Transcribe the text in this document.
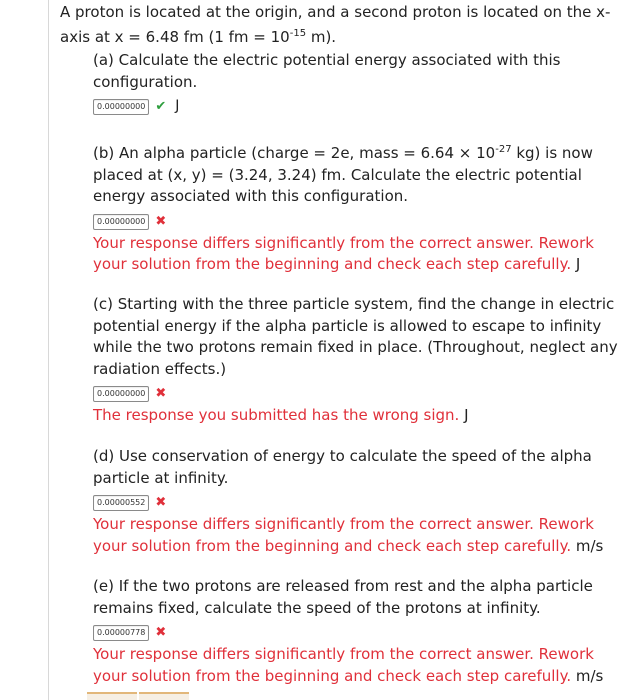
A proton is located at the origin, and a second proton is located on the x-
axis at x = 6.48 fm (1 fm = $10^{-15}$ m).

(a) Calculate the electric potential energy associated with this configuration.

0.00000000 ✔ J

(b) An alpha particle (charge = 2e, mass = $6.64 \times 10^{-27}$ kg) is now placed at (x, y) = (3.24, 3.24) fm. Calculate the electric potential energy associated with this configuration.

0.00000000 ✖

Your response differs significantly from the correct answer. Rework your solution from the beginning and check each step carefully. J

(c) Starting with the three particle system, find the change in electric potential energy if the alpha particle is allowed to escape to infinity while the two protons remain fixed in place. (Throughout, neglect any radiation effects.)

0.00000000 ✖

The response you submitted has the wrong sign. J

(d) Use conservation of energy to calculate the speed of the alpha particle at infinity.

0.00000552 ✖

Your response differs significantly from the correct answer. Rework your solution from the beginning and check each step carefully. m/s

(e) If the two protons are released from rest and the alpha particle remains fixed, calculate the speed of the protons at infinity.

0.00000778 ✖

Your response differs significantly from the correct answer. Rework your solution from the beginning and check each step carefully. m/s
